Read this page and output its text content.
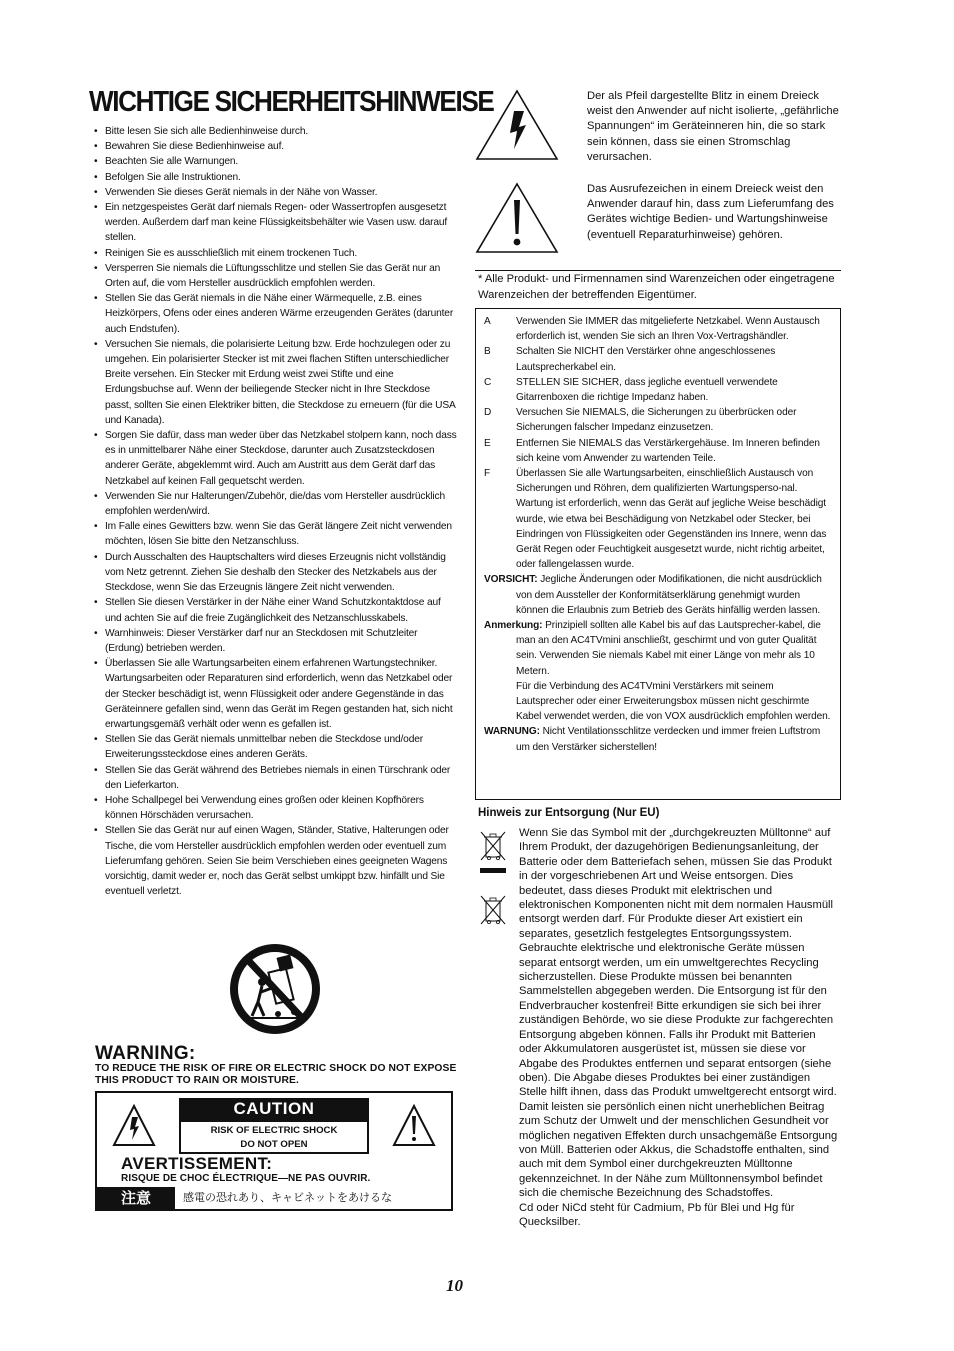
WICHTIGE SICHERHEITSHINWEISE
• Bitte lesen Sie sich alle Bedienhinweise durch.
• Bewahren Sie diese Bedienhinweise auf.
• Beachten Sie alle Warnungen.
• Befolgen Sie alle Instruktionen.
• Verwenden Sie dieses Gerät niemals in der Nähe von Wasser.
• Ein netzgespeistes Gerät darf niemals Regen- oder Wassertropfen ausgesetzt werden. Außerdem darf man keine Flüssigkeitsbehälter wie Vasen usw. darauf stellen.
• Reinigen Sie es ausschließlich mit einem trockenen Tuch.
• Versperren Sie niemals die Lüftungsschlitze und stellen Sie das Gerät nur an Orten auf, die vom Hersteller ausdrücklich empfohlen werden.
• Stellen Sie das Gerät niemals in die Nähe einer Wärmequelle, z.B. eines Heizkörpers, Ofens oder eines anderen Wärme erzeugenden Gerätes (darunter auch Endstufen).
• Versuchen Sie niemals, die polarisierte Leitung bzw. Erde hochzulegen oder zu umgehen. Ein polarisierter Stecker ist mit zwei flachen Stiften unterschiedlicher Breite versehen. Ein Stecker mit Erdung weist zwei Stifte und eine Erdungsbuchse auf. Wenn der beiliegende Stecker nicht in Ihre Steckdose passt, sollten Sie einen Elektriker bitten, die Steckdose zu erneuern (für die USA und Kanada).
• Sorgen Sie dafür, dass man weder über das Netzkabel stolpern kann, noch dass es in unmittelbarer Nähe einer Steckdose, darunter auch Zusatzsteckdosen anderer Geräte, abgeklemmt wird. Auch am Austritt aus dem Gerät darf das Netzkabel auf keinen Fall gequetscht werden.
• Verwenden Sie nur Halterungen/Zubehör, die/das vom Hersteller ausdrücklich empfohlen werden/wird.
• Im Falle eines Gewitters bzw. wenn Sie das Gerät längere Zeit nicht verwenden möchten, lösen Sie bitte den Netzanschluss.
• Durch Ausschalten des Hauptschalters wird dieses Erzeugnis nicht vollständig vom Netz getrennt. Ziehen Sie deshalb den Stecker des Netzkabels aus der Steckdose, wenn Sie das Erzeugnis längere Zeit nicht verwenden.
• Stellen Sie diesen Verstärker in der Nähe einer Wand Schutzkontaktdose auf und achten Sie auf die freie Zugänglichkeit des Netzanschlusskabels.
• Warnhinweis: Dieser Verstärker darf nur an Steckdosen mit Schutzleiter (Erdung) betrieben werden.
• Überlassen Sie alle Wartungsarbeiten einem erfahrenen Wartungstechniker. Wartungsarbeiten oder Reparaturen sind erforderlich, wenn das Netzkabel oder der Stecker beschädigt ist, wenn Flüssigkeit oder andere Gegenstände in das Geräteinnere gefallen sind, wenn das Gerät im Regen gestanden hat, sich nicht erwartungsgemäß verhält oder wenn es gefallen ist.
• Stellen Sie das Gerät niemals unmittelbar neben die Steckdose und/oder Erweiterungssteckdose eines anderen Geräts.
• Stellen Sie das Gerät während des Betriebes niemals in einen Türschrank oder den Lieferkarton.
• Hohe Schallpegel bei Verwendung eines großen oder kleinen Kopfhörers können Hörschäden verursachen.
• Stellen Sie das Gerät nur auf einen Wagen, Ständer, Stative, Halterungen oder Tische, die vom Hersteller ausdrücklich empfohlen werden oder eventuell zum Lieferumfang gehören. Seien Sie beim Verschieben eines geeigneten Wagens vorsichtig, damit weder er, noch das Gerät selbst umkippt bzw. hinfällt und Sie eventuell verletzt.
Der als Pfeil dargestellte Blitz in einem Dreieck weist den Anwender auf nicht isolierte, „gefährliche Spannungen“ im Geräteinneren hin, die so stark sein können, dass sie einen Stromschlag verursachen.
Das Ausrufezeichen in einem Dreieck weist den Anwender darauf hin, dass zum Lieferumfang des Gerätes wichtige Bedien- und Wartungshinweise (eventuell Reparaturhinweise) gehören.
* Alle Produkt- und Firmennamen sind Warenzeichen oder eingetragene Warenzeichen der betreffenden Eigentümer.
A	Verwenden Sie IMMER das mitgelieferte Netzkabel. Wenn Austausch erforderlich ist, wenden Sie sich an Ihren Vox-Vertragshändler.
B	Schalten Sie NICHT den Verstärker ohne angeschlossenes Lautsprecherkabel ein.
C	STELLEN SIE SICHER, dass jegliche eventuell verwendete Gitarrenboxen die richtige Impedanz haben.
D	Versuchen Sie NIEMALS, die Sicherungen zu überbrücken oder Sicherungen falscher Impedanz einzusetzen.
E	Entfernen Sie NIEMALS das Verstärkergehäuse. Im Inneren befinden sich keine vom Anwender zu wartenden Teile.
F	Überlassen Sie alle Wartungsarbeiten, einschließlich Austausch von Sicherungen und Röhren, dem qualifizierten Wartungsperso-nal. Wartung ist erforderlich, wenn das Gerät auf jegliche Weise beschädigt wurde, wie etwa bei Beschädigung von Netzkabel oder Stecker, bei Eindringen von Flüssigkeiten oder Gegenständen ins Innere, wenn das Gerät Regen oder Feuchtigkeit ausgesetzt wurde, nicht richtig arbeitet, oder fallengelassen wurde.
VORSICHT: Jegliche Änderungen oder Modifikationen, die nicht ausdrücklich von dem Aussteller der Konformitätserklärung genehmigt wurden können die Erlaubnis zum Betrieb des Geräts hinfällig werden lassen.
Anmerkung: Prinzipiell sollten alle Kabel bis auf das Lautsprecher-kabel, die man an den AC4TVmini anschließt, geschirmt und von guter Qualität sein. Verwenden Sie niemals Kabel mit einer Länge von mehr als 10 Metern.
Für die Verbindung des AC4TVmini Verstärkers mit seinem Lautsprecher oder einer Erweiterungsbox müssen nicht geschirmte Kabel verwendet werden, die von VOX ausdrücklich empfohlen werden.
WARNUNG: Nicht Ventilationsschlitze verdecken und immer freien Luftstrom um den Verstärker sicherstellen!
Hinweis zur Entsorgung (Nur EU)
Wenn Sie das Symbol mit der „durchgekreuzten Mülltonne“ auf Ihrem Produkt, der dazugehörigen Bedienungsanleitung, der Batterie oder dem Batteriefach sehen, müssen Sie das Produkt in der vorgeschriebenen Art und Weise entsorgen. Dies bedeutet, dass dieses Produkt mit elektrischen und elektronischen Komponenten nicht mit dem normalen Hausmüll entsorgt werden darf. Für Produkte dieser Art existiert ein separates, gesetzlich festgelegtes Entsorgungssystem. Gebrauchte elektrische und elektronische Geräte müssen separat entsorgt werden, um ein umweltgerechtes Recycling sicherzustellen. Diese Produkte müssen bei benannten Sammelstellen abgegeben werden. Die Entsorgung ist für den Endverbraucher kostenfrei! Bitte erkundigen sie sich bei ihrer zuständigen Behörde, wo sie diese Produkte zur fachgerechten Entsorgung abgeben können. Falls ihr Produkt mit Batterien oder Akkumulatoren ausgerüstet ist, müssen sie diese vor Abgabe des Produktes entfernen und separat entsorgen (siehe oben). Die Abgabe dieses Produktes bei einer zuständigen Stelle hilft ihnen, dass das Produkt umweltgerecht entsorgt wird. Damit leisten sie persönlich einen nicht unerheblichen Beitrag zum Schutz der Umwelt und der menschlichen Gesundheit vor möglichen negativen Effekten durch unsachgemäße Entsorgung von Müll. Batterien oder Akkus, die Schadstoffe enthalten, sind auch mit dem Symbol einer durchgekreuzten Mülltonne gekennzeichnet. In der Nähe zum Mülltonnensymbol befindet sich die chemische Bezeichnung des Schadstoffes.
Cd oder NiCd steht für Cadmium, Pb für Blei und Hg für Quecksilber.
WARNING:
TO REDUCE THE RISK OF FIRE OR ELECTRIC SHOCK DO NOT EXPOSE THIS PRODUCT TO RAIN OR MOISTURE.
CAUTION
RISK OF ELECTRIC SHOCK
DO NOT OPEN
AVERTISSEMENT:
RISQUE DE CHOC ÉLECTRIQUE—NE PAS OUVRIR.
注意	感電の恐れあり、キャビネットをあけるな
10
